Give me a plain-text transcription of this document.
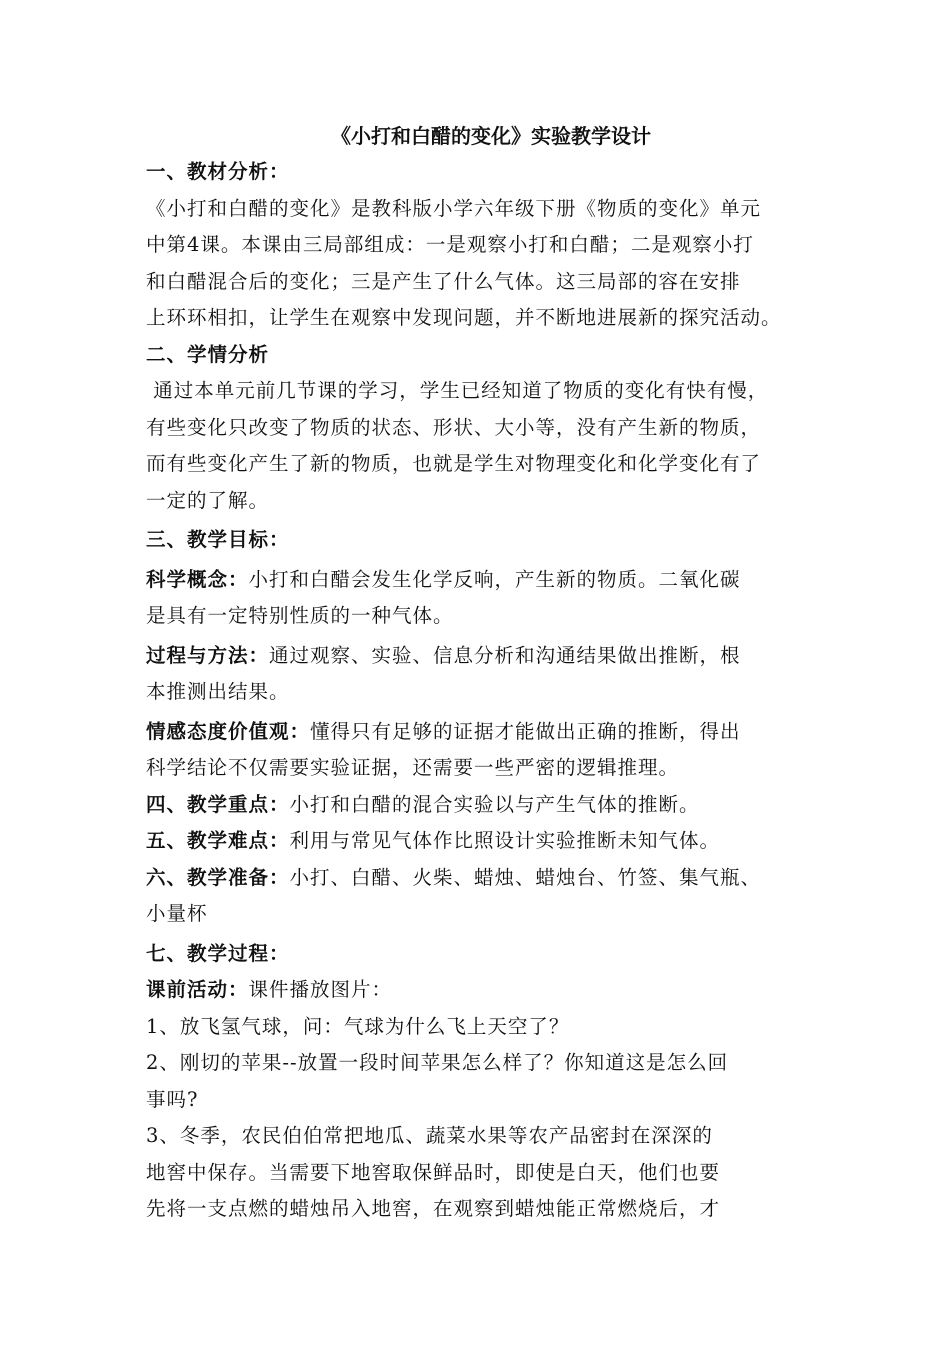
《小打和白醋的变化》实验教学设计
一、教材分析：
《小打和白醋的变化》是教科版小学六年级下册《物质的变化》单元
中第4课。本课由三局部组成：一是观察小打和白醋；二是观察小打
和白醋混合后的变化；三是产生了什么气体。这三局部的容在安排
上环环相扣，让学生在观察中发现问题，并不断地进展新的探究活动。
二、学情分析
通过本单元前几节课的学习，学生已经知道了物质的变化有快有慢，
有些变化只改变了物质的状态、形状、大小等，没有产生新的物质，
而有些变化产生了新的物质，也就是学生对物理变化和化学变化有了
一定的了解。
三、教学目标：
科学概念：小打和白醋会发生化学反响，产生新的物质。二氧化碳
是具有一定特别性质的一种气体。
过程与方法：通过观察、实验、信息分析和沟通结果做出推断，根
本推测出结果。
情感态度价值观：懂得只有足够的证据才能做出正确的推断，得出
科学结论不仅需要实验证据，还需要一些严密的逻辑推理。
四、教学重点：小打和白醋的混合实验以与产生气体的推断。
五、教学难点：利用与常见气体作比照设计实验推断未知气体。
六、教学准备：小打、白醋、火柴、蜡烛、蜡烛台、竹签、集气瓶、
小量杯
七、教学过程：
课前活动：课件播放图片：
1、放飞氢气球，问：气球为什么飞上天空了？
2、刚切的苹果--放置一段时间苹果怎么样了？你知道这是怎么回
事吗?
3、冬季，农民伯伯常把地瓜、蔬菜水果等农产品密封在深深的
地窖中保存。当需要下地窖取保鲜品时，即使是白天，他们也要
先将一支点燃的蜡烛吊入地窖，在观察到蜡烛能正常燃烧后，才
